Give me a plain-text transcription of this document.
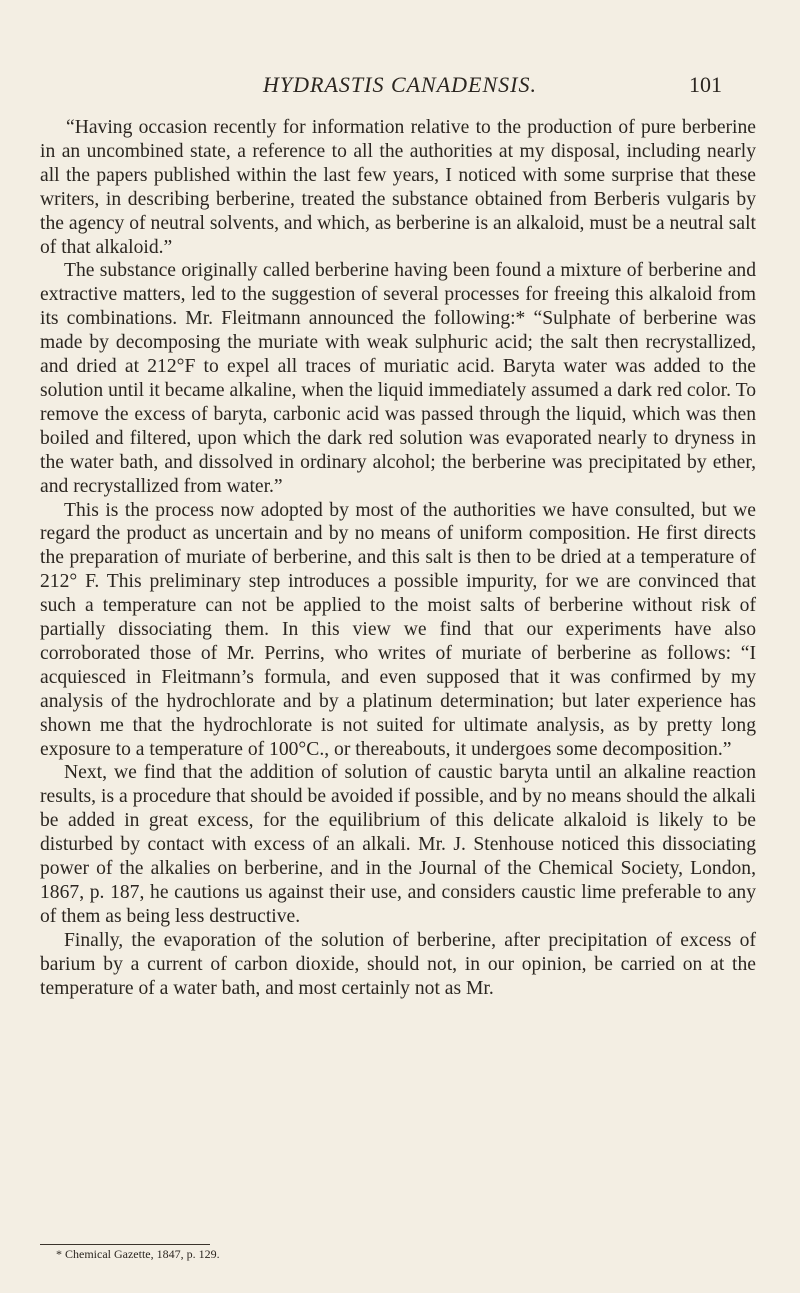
HYDRASTIS CANADENSIS.	101

“Having occasion recently for information relative to the production of pure berberine in an uncombined state, a reference to all the authorities at my disposal, including nearly all the papers published within the last few years, I noticed with some surprise that these writers, in describing berberine, treated the substance obtained from Berberis vulgaris by the agency of neutral solvents, and which, as berberine is an alkaloid, must be a neutral salt of that alkaloid.”

The substance originally called berberine having been found a mixture of berberine and extractive matters, led to the suggestion of several processes for freeing this alkaloid from its combinations. Mr. Fleitmann announced the following:* “Sulphate of berberine was made by decomposing the muriate with weak sulphuric acid; the salt then recrystallized, and dried at 212°F to expel all traces of muriatic acid. Baryta water was added to the solution until it became alkaline, when the liquid immediately assumed a dark red color. To remove the excess of baryta, carbonic acid was passed through the liquid, which was then boiled and filtered, upon which the dark red solution was evaporated nearly to dryness in the water bath, and dissolved in ordinary alcohol; the berberine was precipitated by ether, and recrystallized from water.”

This is the process now adopted by most of the authorities we have consulted, but we regard the product as uncertain and by no means of uniform composition. He first directs the preparation of muriate of berberine, and this salt is then to be dried at a temperature of 212° F. This preliminary step introduces a possible impurity, for we are convinced that such a temperature can not be applied to the moist salts of berberine without risk of partially dissociating them. In this view we find that our experiments have also corroborated those of Mr. Perrins, who writes of muriate of berberine as follows: “I acquiesced in Fleitmann’s formula, and even supposed that it was confirmed by my analysis of the hydrochlorate and by a platinum determination; but later experience has shown me that the hydrochlorate is not suited for ultimate analysis, as by pretty long exposure to a temperature of 100°C., or thereabouts, it undergoes some decomposition.”

Next, we find that the addition of solution of caustic baryta until an alkaline reaction results, is a procedure that should be avoided if possible, and by no means should the alkali be added in great excess, for the equilibrium of this delicate alkaloid is likely to be disturbed by contact with excess of an alkali. Mr. J. Stenhouse noticed this dissociating power of the alkalies on berberine, and in the Journal of the Chemical Society, London, 1867, p. 187, he cautions us against their use, and considers caustic lime preferable to any of them as being less destructive.

Finally, the evaporation of the solution of berberine, after precipitation of excess of barium by a current of carbon dioxide, should not, in our opinion, be carried on at the temperature of a water bath, and most certainly not as Mr.

* Chemical Gazette, 1847, p. 129.
